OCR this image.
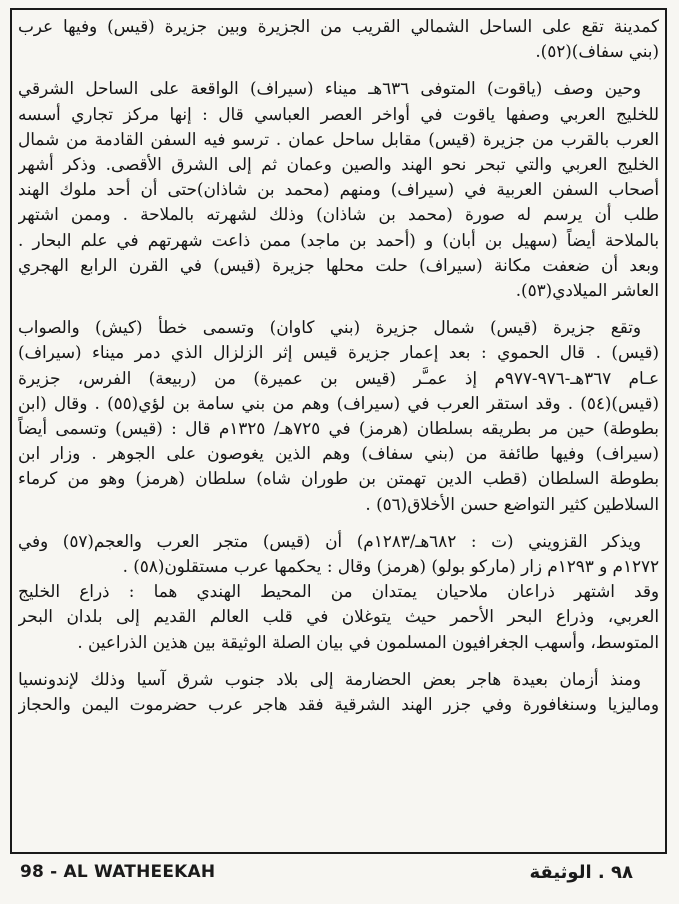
كمدينة تقع على الساحل الشمالي القريب من الجزيرة وبين جزيرة (قيس) وفيها عرب
(بني سفاف)(٥٢).
وحين وصف (ياقوت) المتوفى ٦٣٦هـ ميناء (سيراف) الواقعة على الساحل الشرقي
للخليج العربي وصفها ياقوت في أواخر العصر العباسي قال : إنها مركز تجاري أسسه
العرب بالقرب من جزيرة (قيس) مقابل ساحل عمان . ترسو فيه السفن القادمة من شمال
الخليج العربي والتي تبحر نحو الهند والصين وعمان ثم إلى الشرق الأقصى. وذكر أشهر
أصحاب السفن العربية في (سيراف) ومنهم (محمد بن شاذان)حتى أن أحد ملوك الهند
طلب أن يرسم له صورة (محمد بن شاذان) وذلك لشهرته بالملاحة . وممن اشتهر
بالملاحة أيضاً (سهيل بن أبان) و (أحمد بن ماجد) ممن ذاعت شهرتهم في علم البحار .
وبعد أن ضعفت مكانة (سيراف) حلت محلها جزيرة (قيس) في القرن الرابع الهجري
العاشر الميلادي(٥٣).
وتقع جزيرة (قيس) شمال جزيرة (بني كاوان) وتسمى خطأً (كيش) والصواب
(قيس) . قال الحموي : بعد إعمار جزيرة قيس إثر الزلزال الذي دمر ميناء (سيراف)
عـام ٣٦٧هـ-٩٧٦-٩٧٧م إذ عمـَّر (قيس بن عميرة) من (ربيعة) الفرس، جزيرة
(قيس)(٥٤) . وقد استقر العرب في (سيراف) وهم من بني سامة بن لؤي(٥٥) . وقال (ابن
بطوطة) حين مر بطريقه بسلطان (هرمز) في ٧٢٥هـ/ ١٣٢٥م قال : (قيس) وتسمى أيضاً
(سيراف) وفيها طائفة من (بني سفاف) وهم الذين يغوصون على الجوهر . وزار ابن
بطوطة السلطان (قطب الدين تهمتن بن طوران شاه) سلطان (هرمز) وهو من كرماء
السلاطين كثير التواضع حسن الأخلاق(٥٦) .
ويذكر القزويني (ت : ٦٨٢هـ/١٢٨٣م) أن (قيس) متجر العرب والعجم(٥٧) وفي
١٢٧٢م و ١٢٩٣م زار (ماركو بولو) (هرمز) وقال : يحكمها عرب مستقلون(٥٨) .
وقد اشتهر ذراعان ملاحيان يمتدان من المحيط الهندي هما : ذراع الخليج
العربي، وذراع البحر الأحمر حيث يتوغلان في قلب العالم القديم إلى بلدان البحر
المتوسط، وأسهب الجغرافيون المسلمون في بيان الصلة الوثيقة بين هذين الذراعين .
ومنذ أزمان بعيدة هاجر بعض الحضارمة إلى بلاد جنوب شرق آسيا وذلك لإندونسيا
وماليزيا وسنغافورة وفي جزر الهند الشرقية فقد هاجر عرب حضرموت اليمن والحجاز
98 - AL WATHEEKAH	٩٨ . الوثيقة
